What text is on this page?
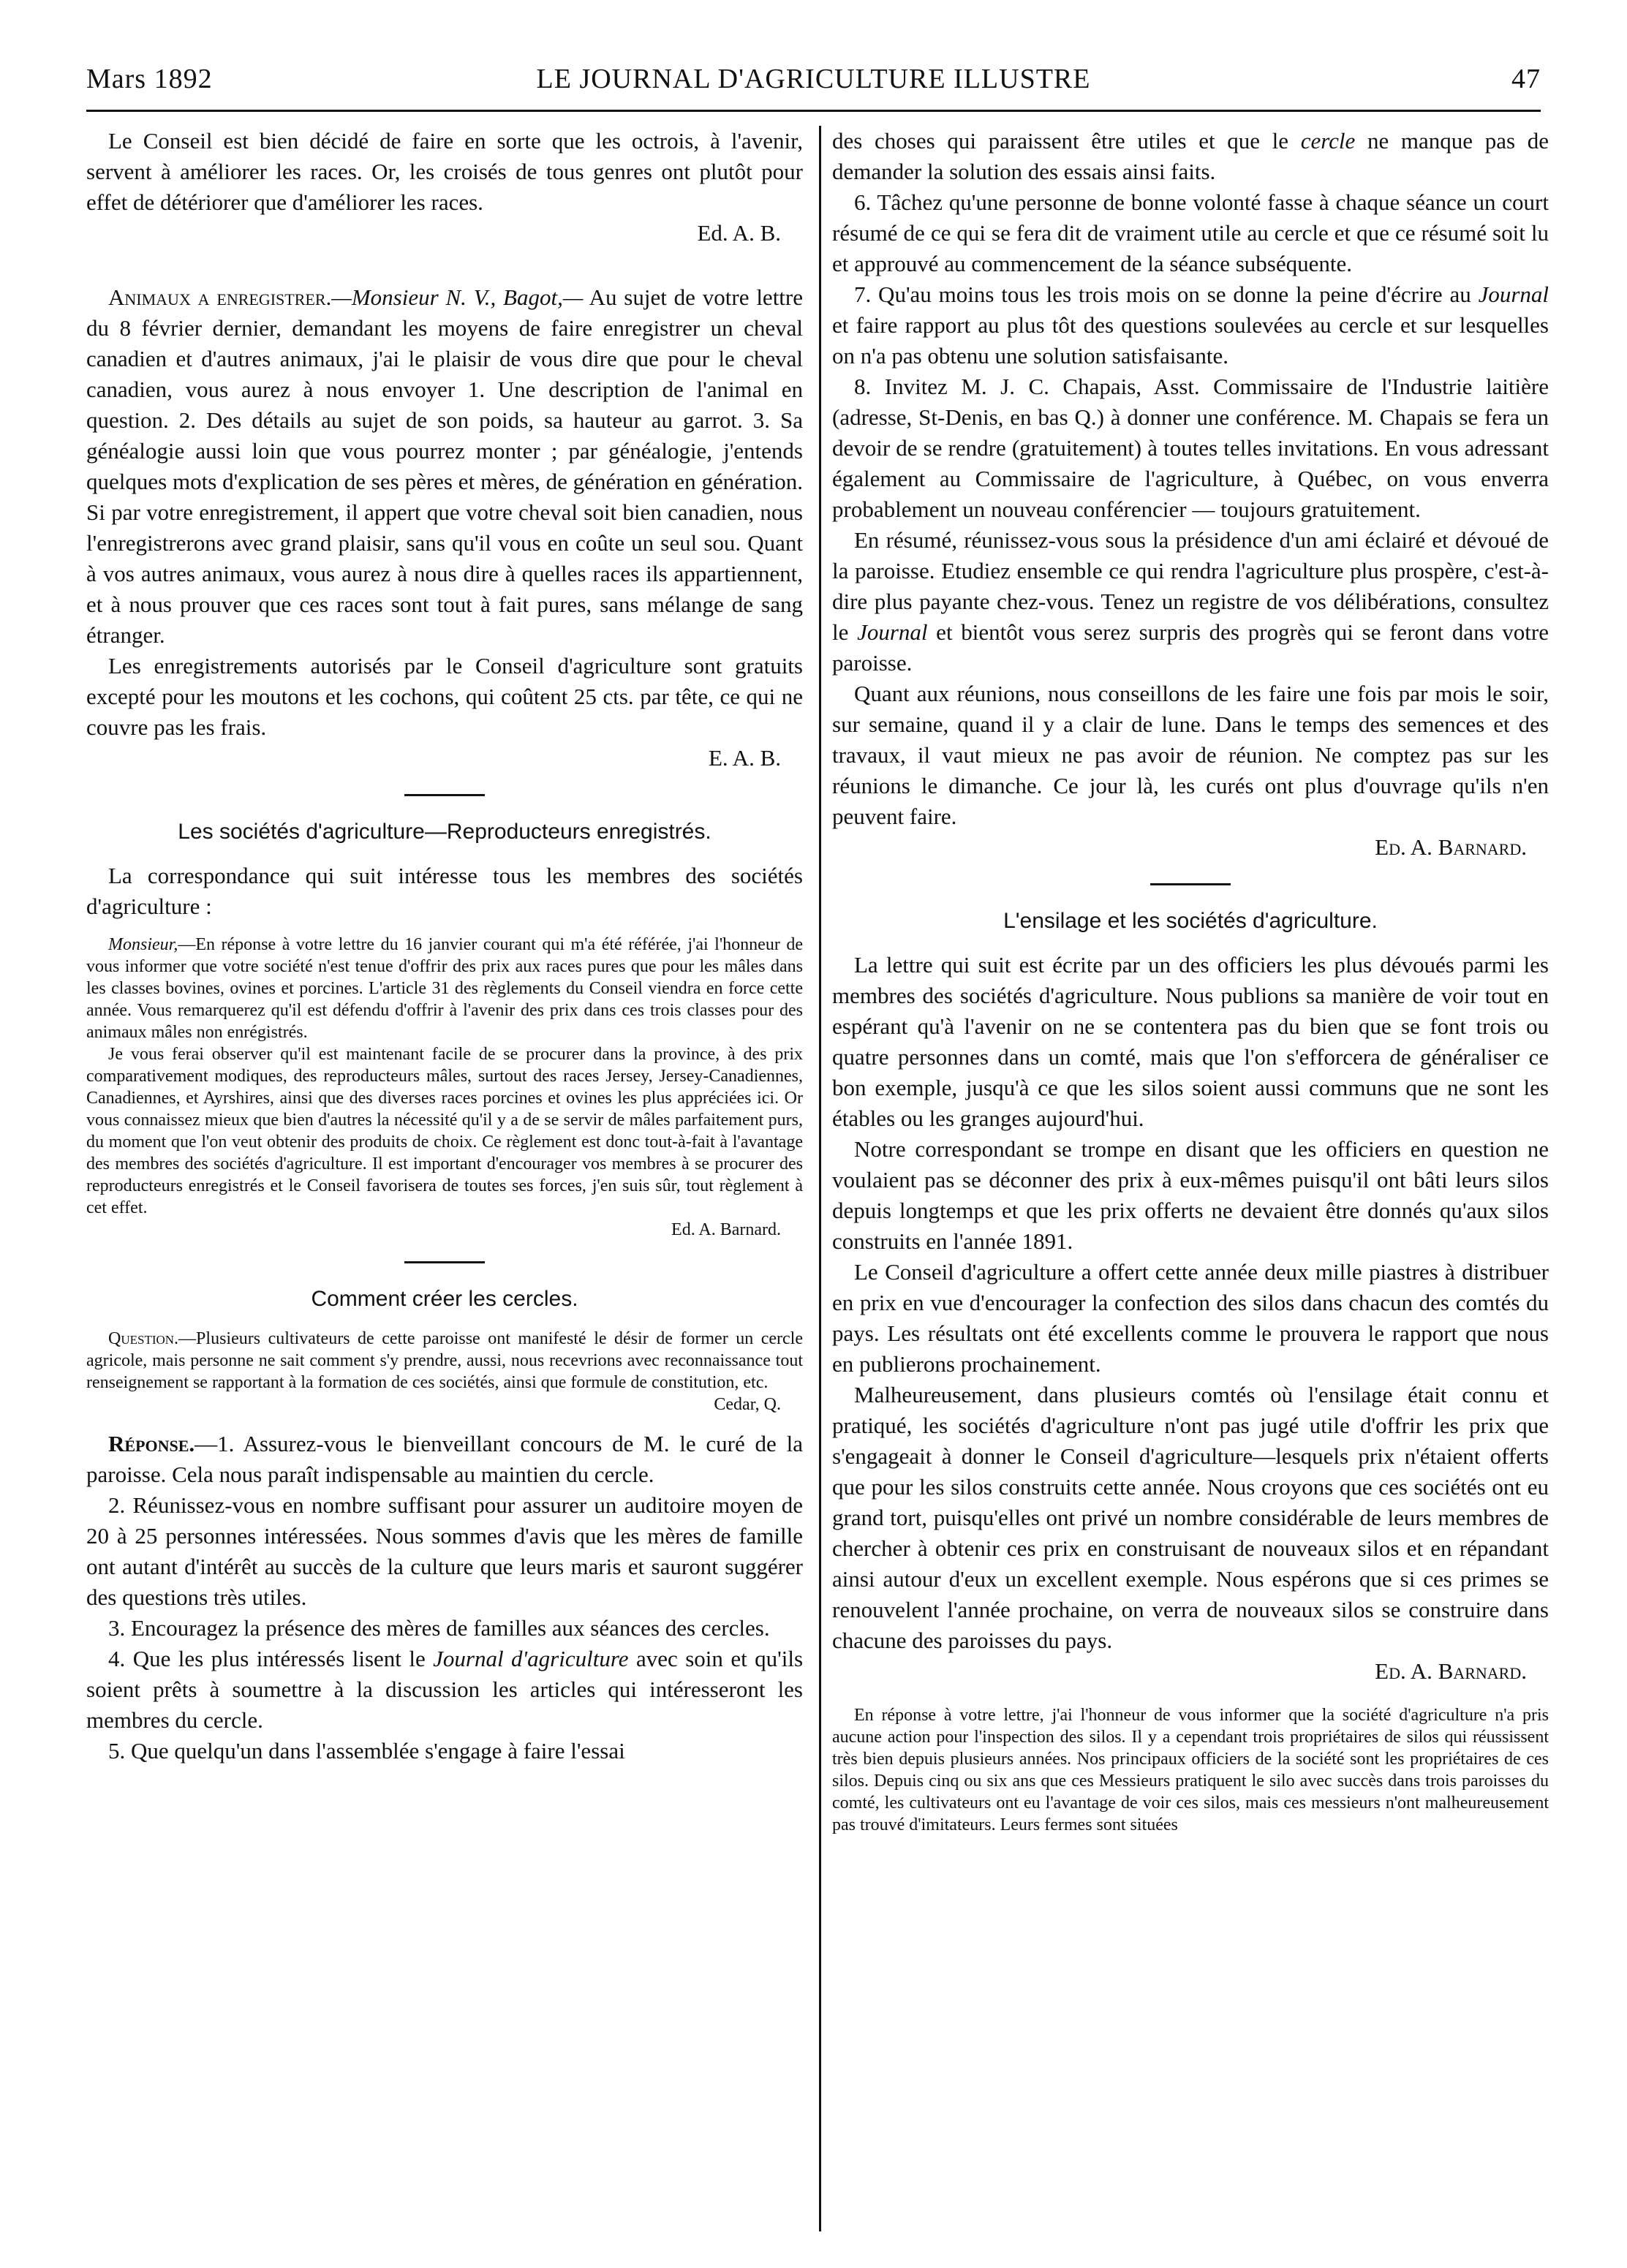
Mars 1892	LE JOURNAL D'AGRICULTURE ILLUSTRE	47

Le Conseil est bien décidé de faire en sorte que les octrois, à l'avenir, servent à améliorer les races. Or, les croisés de tous genres ont plutôt pour effet de détériorer que d'améliorer les races.

Ed. A. B.

Animaux a enregistrer.—Monsieur N. V., Bagot,— Au sujet de votre lettre du 8 février dernier, demandant les moyens de faire enregistrer un cheval canadien et d'autres animaux, j'ai le plaisir de vous dire que pour le cheval canadien, vous aurez à nous envoyer 1. Une description de l'animal en question. 2. Des détails au sujet de son poids, sa hauteur au garrot. 3. Sa généalogie aussi loin que vous pourrez monter ; par généalogie, j'entends quelques mots d'explication de ses pères et mères, de génération en génération. Si par votre enregistrement, il appert que votre cheval soit bien canadien, nous l'enregistrerons avec grand plaisir, sans qu'il vous en coûte un seul sou. Quant à vos autres animaux, vous aurez à nous dire à quelles races ils appartiennent, et à nous prouver que ces races sont tout à fait pures, sans mélange de sang étranger.

Les enregistrements autorisés par le Conseil d'agriculture sont gratuits excepté pour les moutons et les cochons, qui coûtent 25 cts. par tête, ce qui ne couvre pas les frais.

E. A. B.

Les sociétés d'agriculture—Reproducteurs enregistrés.

La correspondance qui suit intéresse tous les membres des sociétés d'agriculture :

Monsieur,—En réponse à votre lettre du 16 janvier courant qui m'a été référée, j'ai l'honneur de vous informer que votre société n'est tenue d'offrir des prix aux races pures que pour les mâles dans les classes bovines, ovines et porcines. L'article 31 des règlements du Conseil viendra en force cette année. Vous remarquerez qu'il est défendu d'offrir à l'avenir des prix dans ces trois classes pour des animaux mâles non enrégistrés.

Je vous ferai observer qu'il est maintenant facile de se procurer dans la province, à des prix comparativement modiques, des reproducteurs mâles, surtout des races Jersey, Jersey-Canadiennes, Canadiennes, et Ayrshires, ainsi que des diverses races porcines et ovines les plus appréciées ici. Or vous connaissez mieux que bien d'autres la nécessité qu'il y a de se servir de mâles parfaitement purs, du moment que l'on veut obtenir des produits de choix. Ce règlement est donc tout-à-fait à l'avantage des membres des sociétés d'agriculture. Il est important d'encourager vos membres à se procurer des reproducteurs enregistrés et le Conseil favorisera de toutes ses forces, j'en suis sûr, tout règlement à cet effet.

Ed. A. Barnard.

Comment créer les cercles.

Question.—Plusieurs cultivateurs de cette paroisse ont manifesté le désir de former un cercle agricole, mais personne ne sait comment s'y prendre, aussi, nous recevrions avec reconnaissance tout renseignement se rapportant à la formation de ces sociétés, ainsi que formule de constitution, etc.

Cedar, Q.

Réponse.—1. Assurez-vous le bienveillant concours de M. le curé de la paroisse. Cela nous paraît indispensable au maintien du cercle.

2. Réunissez-vous en nombre suffisant pour assurer un auditoire moyen de 20 à 25 personnes intéressées. Nous sommes d'avis que les mères de famille ont autant d'intérêt au succès de la culture que leurs maris et sauront suggérer des questions très utiles.

3. Encouragez la présence des mères de familles aux séances des cercles.

4. Que les plus intéressés lisent le Journal d'agriculture avec soin et qu'ils soient prêts à soumettre à la discussion les articles qui intéresseront les membres du cercle.

5. Que quelqu'un dans l'assemblée s'engage à faire l'essai

des choses qui paraissent être utiles et que le cercle ne manque pas de demander la solution des essais ainsi faits.

6. Tâchez qu'une personne de bonne volonté fasse à chaque séance un court résumé de ce qui se fera dit de vraiment utile au cercle et que ce résumé soit lu et approuvé au commencement de la séance subséquente.

7. Qu'au moins tous les trois mois on se donne la peine d'écrire au Journal et faire rapport au plus tôt des questions soulevées au cercle et sur lesquelles on n'a pas obtenu une solution satisfaisante.

8. Invitez M. J. C. Chapais, Asst. Commissaire de l'Industrie laitière (adresse, St-Denis, en bas Q.) à donner une conférence. M. Chapais se fera un devoir de se rendre (gratuitement) à toutes telles invitations. En vous adressant également au Commissaire de l'agriculture, à Québec, on vous enverra probablement un nouveau conférencier — toujours gratuitement.

En résumé, réunissez-vous sous la présidence d'un ami éclairé et dévoué de la paroisse. Etudiez ensemble ce qui rendra l'agriculture plus prospère, c'est-à-dire plus payante chez-vous. Tenez un registre de vos délibérations, consultez le Journal et bientôt vous serez surpris des progrès qui se feront dans votre paroisse.

Quant aux réunions, nous conseillons de les faire une fois par mois le soir, sur semaine, quand il y a clair de lune. Dans le temps des semences et des travaux, il vaut mieux ne pas avoir de réunion. Ne comptez pas sur les réunions le dimanche. Ce jour là, les curés ont plus d'ouvrage qu'ils n'en peuvent faire.

Ed. A. Barnard.

L'ensilage et les sociétés d'agriculture.

La lettre qui suit est écrite par un des officiers les plus dévoués parmi les membres des sociétés d'agriculture. Nous publions sa manière de voir tout en espérant qu'à l'avenir on ne se contentera pas du bien que se font trois ou quatre personnes dans un comté, mais que l'on s'efforcera de généraliser ce bon exemple, jusqu'à ce que les silos soient aussi communs que ne sont les étables ou les granges aujourd'hui.

Notre correspondant se trompe en disant que les officiers en question ne voulaient pas se déconner des prix à eux-mêmes puisqu'il ont bâti leurs silos depuis longtemps et que les prix offerts ne devaient être donnés qu'aux silos construits en l'année 1891.

Le Conseil d'agriculture a offert cette année deux mille piastres à distribuer en prix en vue d'encourager la confection des silos dans chacun des comtés du pays. Les résultats ont été excellents comme le prouvera le rapport que nous en publierons prochainement.

Malheureusement, dans plusieurs comtés où l'ensilage était connu et pratiqué, les sociétés d'agriculture n'ont pas jugé utile d'offrir les prix que s'engageait à donner le Conseil d'agriculture—lesquels prix n'étaient offerts que pour les silos construits cette année. Nous croyons que ces sociétés ont eu grand tort, puisqu'elles ont privé un nombre considérable de leurs membres de chercher à obtenir ces prix en construisant de nouveaux silos et en répandant ainsi autour d'eux un excellent exemple. Nous espérons que si ces primes se renouvelent l'année prochaine, on verra de nouveaux silos se construire dans chacune des paroisses du pays.

Ed. A. Barnard.

En réponse à votre lettre, j'ai l'honneur de vous informer que la société d'agriculture n'a pris aucune action pour l'inspection des silos. Il y a cependant trois propriétaires de silos qui réussissent très bien depuis plusieurs années. Nos principaux officiers de la société sont les propriétaires de ces silos. Depuis cinq ou six ans que ces Messieurs pratiquent le silo avec succès dans trois paroisses du comté, les cultivateurs ont eu l'avantage de voir ces silos, mais ces messieurs n'ont malheureusement pas trouvé d'imitateurs. Leurs fermes sont situées
